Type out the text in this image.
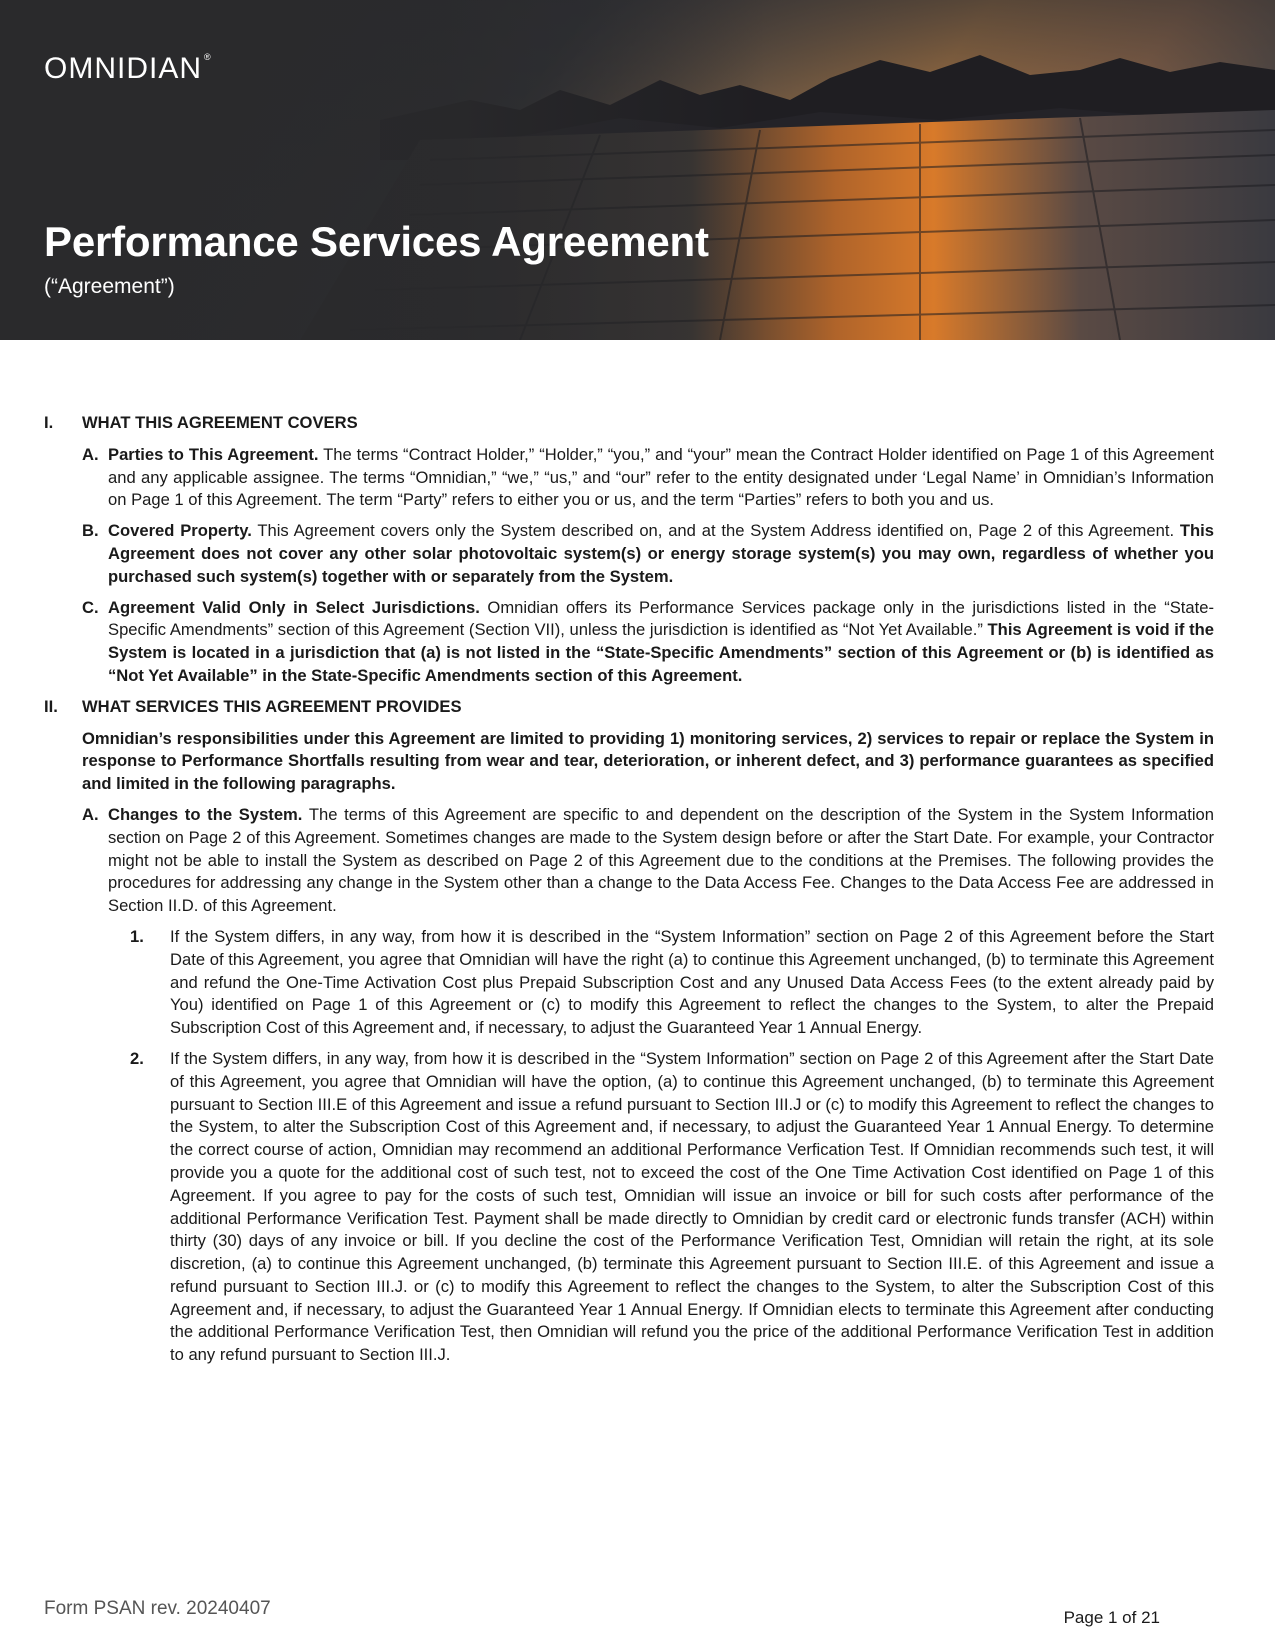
OMNIDIAN ®
Performance Services Agreement

(“Agreement”)

I.	WHAT THIS AGREEMENT COVERS
A. Parties to This Agreement. The terms “Contract Holder,” “Holder,” “you,” and “your” mean the Contract Holder identified on Page 1 of this Agreement and any applicable assignee. The terms “Omnidian,” “we,” “us,” and “our” refer to the entity designated under ‘Legal Name’ in Omnidian’s Information on Page 1 of this Agreement. The term “Party” refers to either you or us, and the term “Parties” refers to both you and us.
B. Covered Property. This Agreement covers only the System described on, and at the System Address identified on, Page 2 of this Agreement. This Agreement does not cover any other solar photovoltaic system(s) or energy storage system(s) you may own, regardless of whether you purchased such system(s) together with or separately from the System.
C. Agreement Valid Only in Select Jurisdictions. Omnidian offers its Performance Services package only in the jurisdictions listed in the “State-Specific Amendments” section of this Agreement (Section VII), unless the jurisdiction is identified as “Not Yet Available.” This Agreement is void if the System is located in a jurisdiction that (a) is not listed in the “State-Specific Amendments” section of this Agreement or (b) is identified as “Not Yet Available” in the State-Specific Amendments section of this Agreement.
II.	WHAT SERVICES THIS AGREEMENT PROVIDES

Omnidian’s responsibilities under this Agreement are limited to providing 1) monitoring services, 2) services to repair or replace the System in response to Performance Shortfalls resulting from wear and tear, deterioration, or inherent defect, and 3) performance guarantees as specified and limited in the following paragraphs.

A. Changes to the System. The terms of this Agreement are specific to and dependent on the description of the System in the System Information section on Page 2 of this Agreement. Sometimes changes are made to the System design before or after the Start Date. For example, your Contractor might not be able to install the System as described on Page 2 of this Agreement due to the conditions at the Premises. The following provides the procedures for addressing any change in the System other than a change to the Data Access Fee. Changes to the Data Access Fee are addressed in Section II.D. of this Agreement.
1.	If the System differs, in any way, from how it is described in the “System Information” section on Page 2 of this Agreement before the Start Date of this Agreement, you agree that Omnidian will have the right (a) to continue this Agreement unchanged, (b) to terminate this Agreement and refund the One-Time Activation Cost plus Prepaid Subscription Cost and any Unused Data Access Fees (to the extent already paid by You) identified on Page 1 of this Agreement or (c) to modify this Agreement to reflect the changes to the System, to alter the Prepaid Subscription Cost of this Agreement and, if necessary, to adjust the Guaranteed Year 1 Annual Energy.
2.	If the System differs, in any way, from how it is described in the “System Information” section on Page 2 of this Agreement after the Start Date of this Agreement, you agree that Omnidian will have the option, (a) to continue this Agreement unchanged, (b) to terminate this Agreement pursuant to Section III.E of this Agreement and issue a refund pursuant to Section III.J or (c) to modify this Agreement to reflect the changes to the System, to alter the Subscription Cost of this Agreement and, if necessary, to adjust the Guaranteed Year 1 Annual Energy. To determine the correct course of action, Omnidian may recommend an additional Performance Verfication Test. If Omnidian recommends such test, it will provide you a quote for the additional cost of such test, not to exceed the cost of the One Time Activation Cost identified on Page 1 of this Agreement. If you agree to pay for the costs of such test, Omnidian will issue an invoice or bill for such costs after performance of the additional Performance Verification Test. Payment shall be made directly to Omnidian by credit card or electronic funds transfer (ACH) within thirty (30) days of any invoice or bill. If you decline the cost of the Performance Verification Test, Omnidian will retain the right, at its sole discretion, (a) to continue this Agreement unchanged, (b) terminate this Agreement pursuant to Section III.E. of this Agreement and issue a refund pursuant to Section III.J. or (c) to modify this Agreement to reflect the changes to the System, to alter the Subscription Cost of this Agreement and, if necessary, to adjust the Guaranteed Year 1 Annual Energy. If Omnidian elects to terminate this Agreement after conducting the additional Performance Verification Test, then Omnidian will refund you the price of the additional Performance Verification Test in addition to any refund pursuant to Section III.J.
Form PSAN rev. 20240407	Page 1 of 21
